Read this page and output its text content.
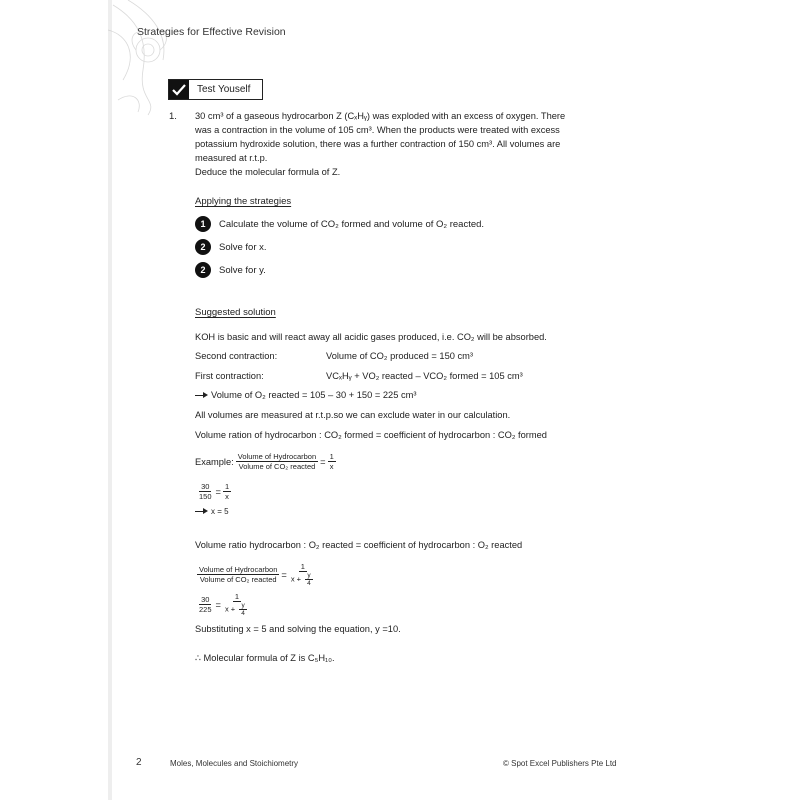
Strategies for Effective Revision
Test Youself
1. 30 cm³ of a gaseous hydrocarbon Z (CₓHᵧ) was exploded with an excess of oxygen. There

was a contraction in the volume of 105 cm³. When the products were treated with excess

potassium hydroxide solution, there was a further contraction of 150 cm³. All volumes are

measured at r.t.p.

Deduce the molecular formula of Z.

Applying the strategies
1	Calculate the volume of CO₂ formed and volume of O₂ reacted.
2	Solve for x.
2	Solve for y.
Suggested solution
KOH is basic and will react away all acidic gases produced, i.e. CO₂ will be absorbed.
Second contraction:	Volume of CO₂ produced = 150 cm³
First contraction:	VCₓHᵧ + VO₂ reacted – VCO₂ formed = 105 cm³
Volume of O₂ reacted = 105 – 30 + 150 = 225 cm³
All volumes are measured at r.t.p.so we can exclude water in our calculation.
Volume ration of hydrocarbon : CO₂ formed = coefficient of hydrocarbon : CO₂ formed
Example: $\frac{\text{Volume of Hydrocarbon}}{\text{Volume of CO₂ reacted}} = \frac{1}{x}$
$\frac{30}{150} = \frac{1}{x}$
x = 5
Volume ratio hydrocarbon : O₂ reacted = coefficient of hydrocarbon : O₂ reacted
$\frac{\text{Volume of Hydrocarbon}}{\text{Volume of CO₂ reacted}} = \frac{1}{x + \frac{y}{4}}$
$\frac{30}{225} = \frac{1}{x + \frac{y}{4}}$
Substituting x = 5 and solving the equation, y =10.
∴ Molecular formula of Z is C₅H₁₀.
2	Moles, Molecules and Stoichiometry	© Spot Excel Publishers Pte Ltd
